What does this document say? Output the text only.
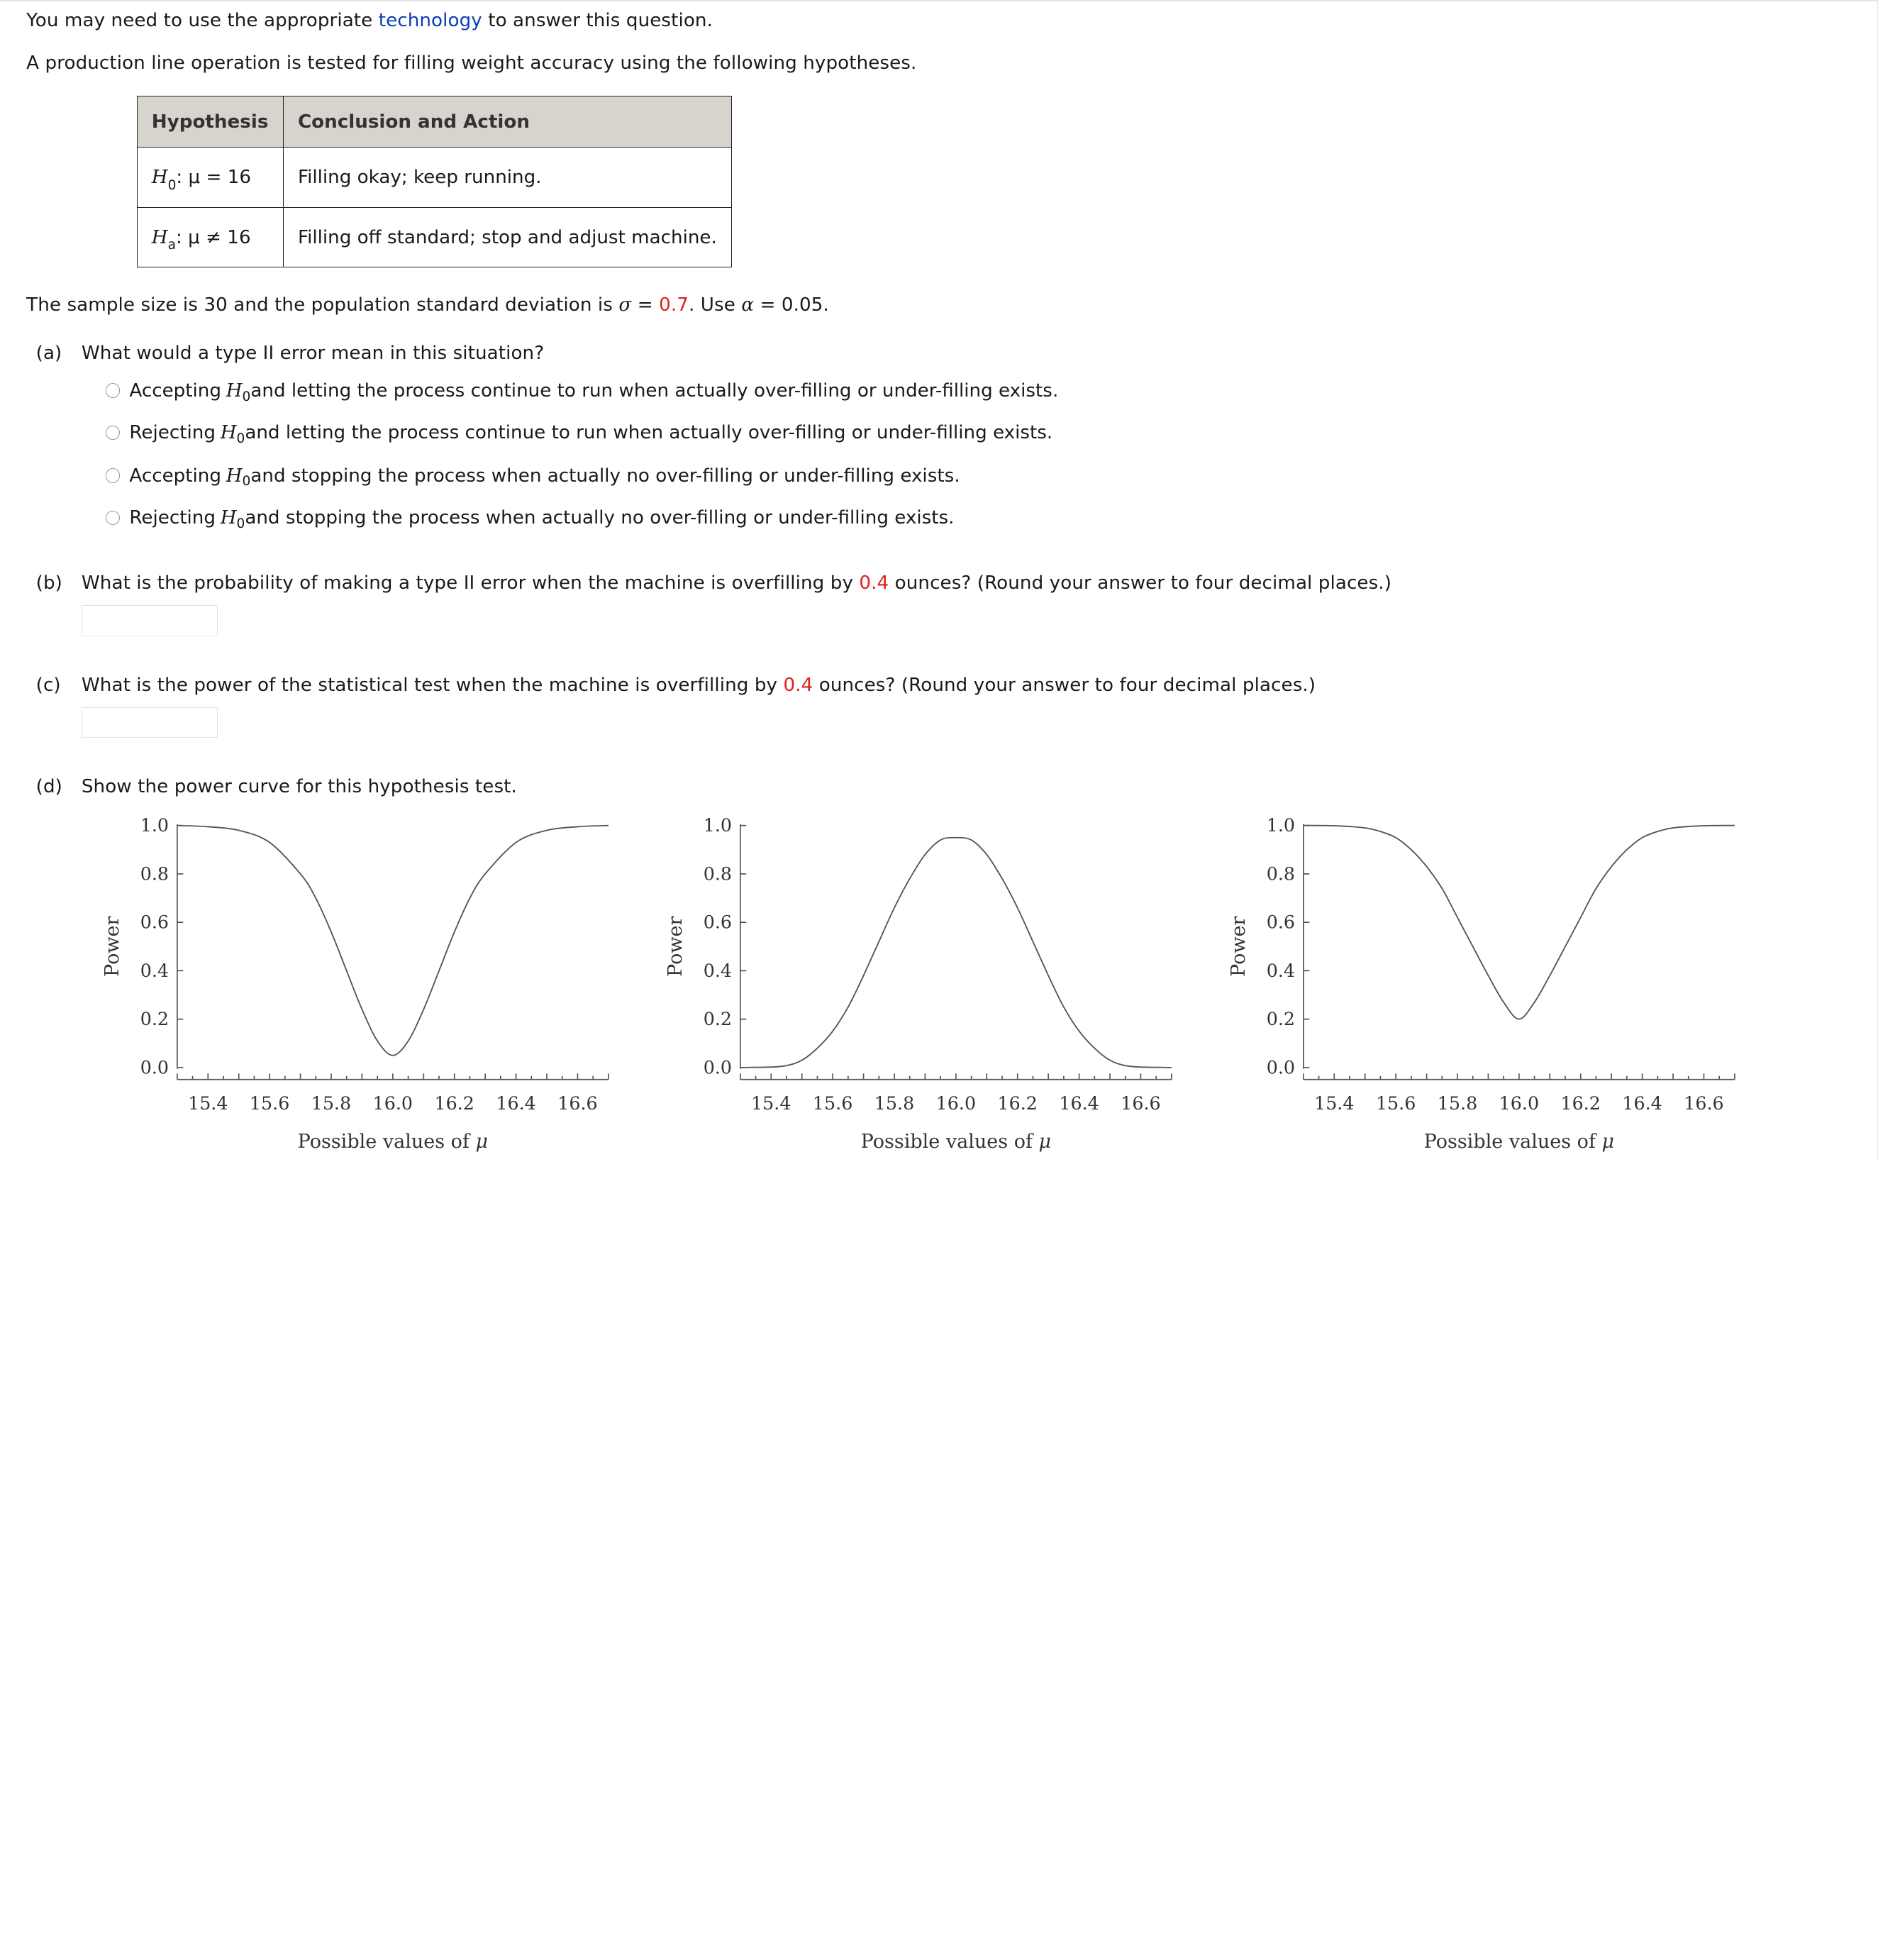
You may need to use the appropriate technology to answer this question.
A production line operation is tested for filling weight accuracy using the following hypotheses.
Hypothesis	Conclusion and Action
$H_0$: μ = 16	Filling okay; keep running.
$H_a$: μ ≠ 16	Filling off standard; stop and adjust machine.
The sample size is 30 and the population standard deviation is σ = 0.7. Use α = 0.05.
(a) What would a type II error mean in this situation?
Accepting H 0 and letting the process continue to run when actually over-filling or under-filling exists.
Rejecting H 0 and letting the process continue to run when actually over-filling or under-filling exists.
Accepting H 0 and stopping the process when actually no over-filling or under-filling exists.
Rejecting H 0 and stopping the process when actually no over-filling or under-filling exists.
(b) What is the probability of making a type II error when the machine is overfilling by 0.4 ounces? (Round your answer to four decimal places.)
(c) What is the power of the statistical test when the machine is overfilling by 0.4 ounces? (Round your answer to four decimal places.)
(d) Show the power curve for this hypothesis test.
0.0
0.2
0.4
0.6
0.8
1.0
15.4 15.6 15.8 16.0 16.2 16.4 16.6
Possible values of μ
Power
0.0
0.2
0.4
0.6
0.8
1.0
15.4 15.6 15.8 16.0 16.2 16.4 16.6
Possible values of μ
Power
0.0
0.2
0.4
0.6
0.8
1.0
15.4 15.6 15.8 16.0 16.2 16.4 16.6
Possible values of μ
Power
